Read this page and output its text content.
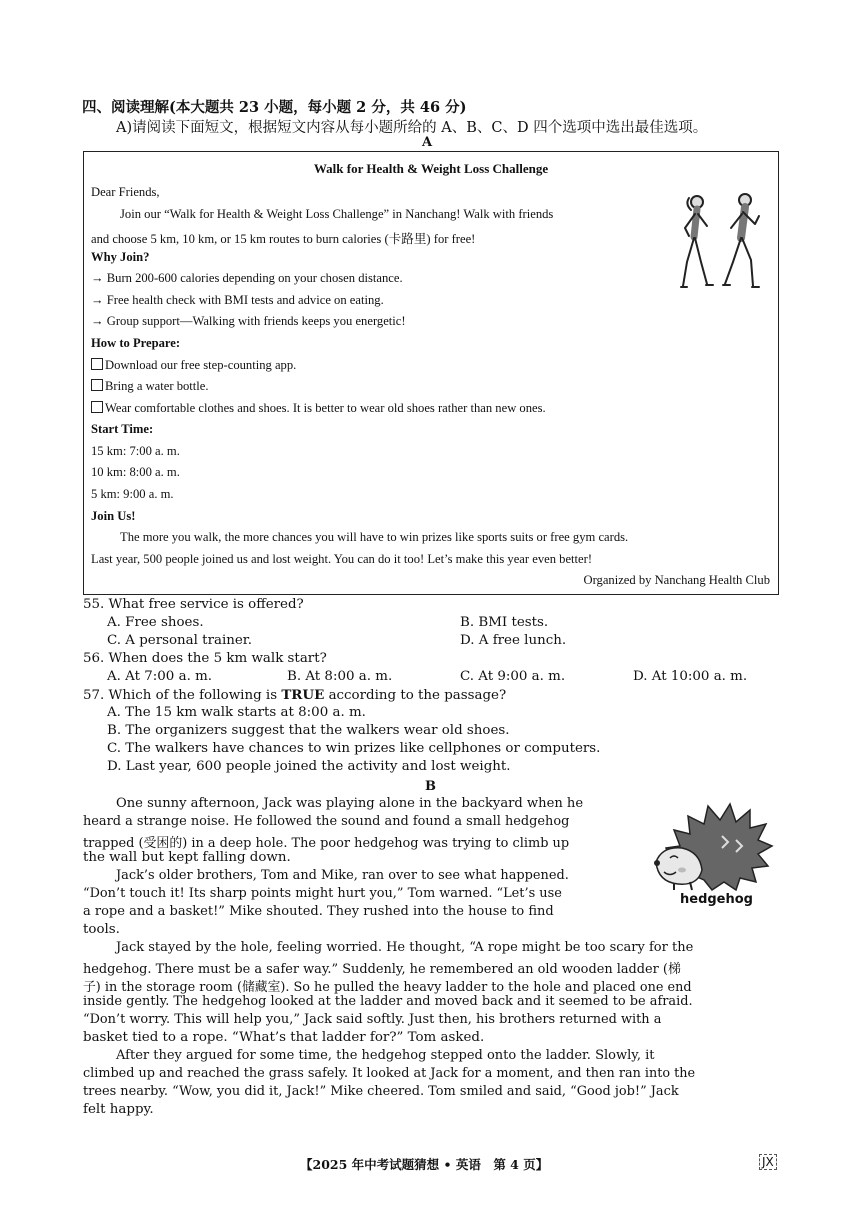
四、阅读理解(本大题共 23 小题，每小题 2 分，共 46 分)
A)请阅读下面短文，根据短文内容从每小题所给的 A、B、C、D 四个选项中选出最佳选项。
A
Walk for Health & Weight Loss Challenge
Dear Friends,
Join our “Walk for Health & Weight Loss Challenge” in Nanchang! Walk with friends
and choose 5 km, 10 km, or 15 km routes to burn calories (卡路里) for free!
Why Join?
→ Burn 200-600 calories depending on your chosen distance.
→ Free health check with BMI tests and advice on eating.
→ Group support—Walking with friends keeps you energetic!
How to Prepare:
Download our free step-counting app.
Bring a water bottle.
Wear comfortable clothes and shoes. It is better to wear old shoes rather than new ones.
Start Time:
15 km: 7:00 a. m.
10 km: 8:00 a. m.
5 km: 9:00 a. m.
Join Us!
The more you walk, the more chances you will have to win prizes like sports suits or free gym cards.
Last year, 500 people joined us and lost weight. You can do it too! Let’s make this year even better!
Organized by Nanchang Health Club
55. What free service is offered?
A. Free shoes.	B. BMI tests.
C. A personal trainer.	D. A free lunch.
56. When does the 5 km walk start?
A. At 7:00 a. m.	B. At 8:00 a. m.	C. At 9:00 a. m.	D. At 10:00 a. m.
57. Which of the following is TRUE according to the passage?
A. The 15 km walk starts at 8:00 a. m.
B. The organizers suggest that the walkers wear old shoes.
C. The walkers have chances to win prizes like cellphones or computers.
D. Last year, 600 people joined the activity and lost weight.
B
One sunny afternoon, Jack was playing alone in the backyard when he
heard a strange noise. He followed the sound and found a small hedgehog
trapped (受困的) in a deep hole. The poor hedgehog was trying to climb up
the wall but kept falling down.
Jack’s older brothers, Tom and Mike, ran over to see what happened.
“Don’t touch it! Its sharp points might hurt you,” Tom warned. “Let’s use
a rope and a basket!” Mike shouted. They rushed into the house to find
tools.
Jack stayed by the hole, feeling worried. He thought, “A rope might be too scary for the
hedgehog. There must be a safer way.” Suddenly, he remembered an old wooden ladder (梯
子) in the storage room (储藏室). So he pulled the heavy ladder to the hole and placed one end
inside gently. The hedgehog looked at the ladder and moved back and it seemed to be afraid.
“Don’t worry. This will help you,” Jack said softly. Just then, his brothers returned with a
basket tied to a rope. “What’s that ladder for?” Tom asked.
After they argued for some time, the hedgehog stepped onto the ladder. Slowly, it
climbed up and reached the grass safely. It looked at Jack for a moment, and then ran into the
trees nearby. “Wow, you did it, Jack!” Mike cheered. Tom smiled and said, “Good job!” Jack
felt happy.
hedgehog
【2025 年中考试题猜想 • 英语　第 4 页】	JX
